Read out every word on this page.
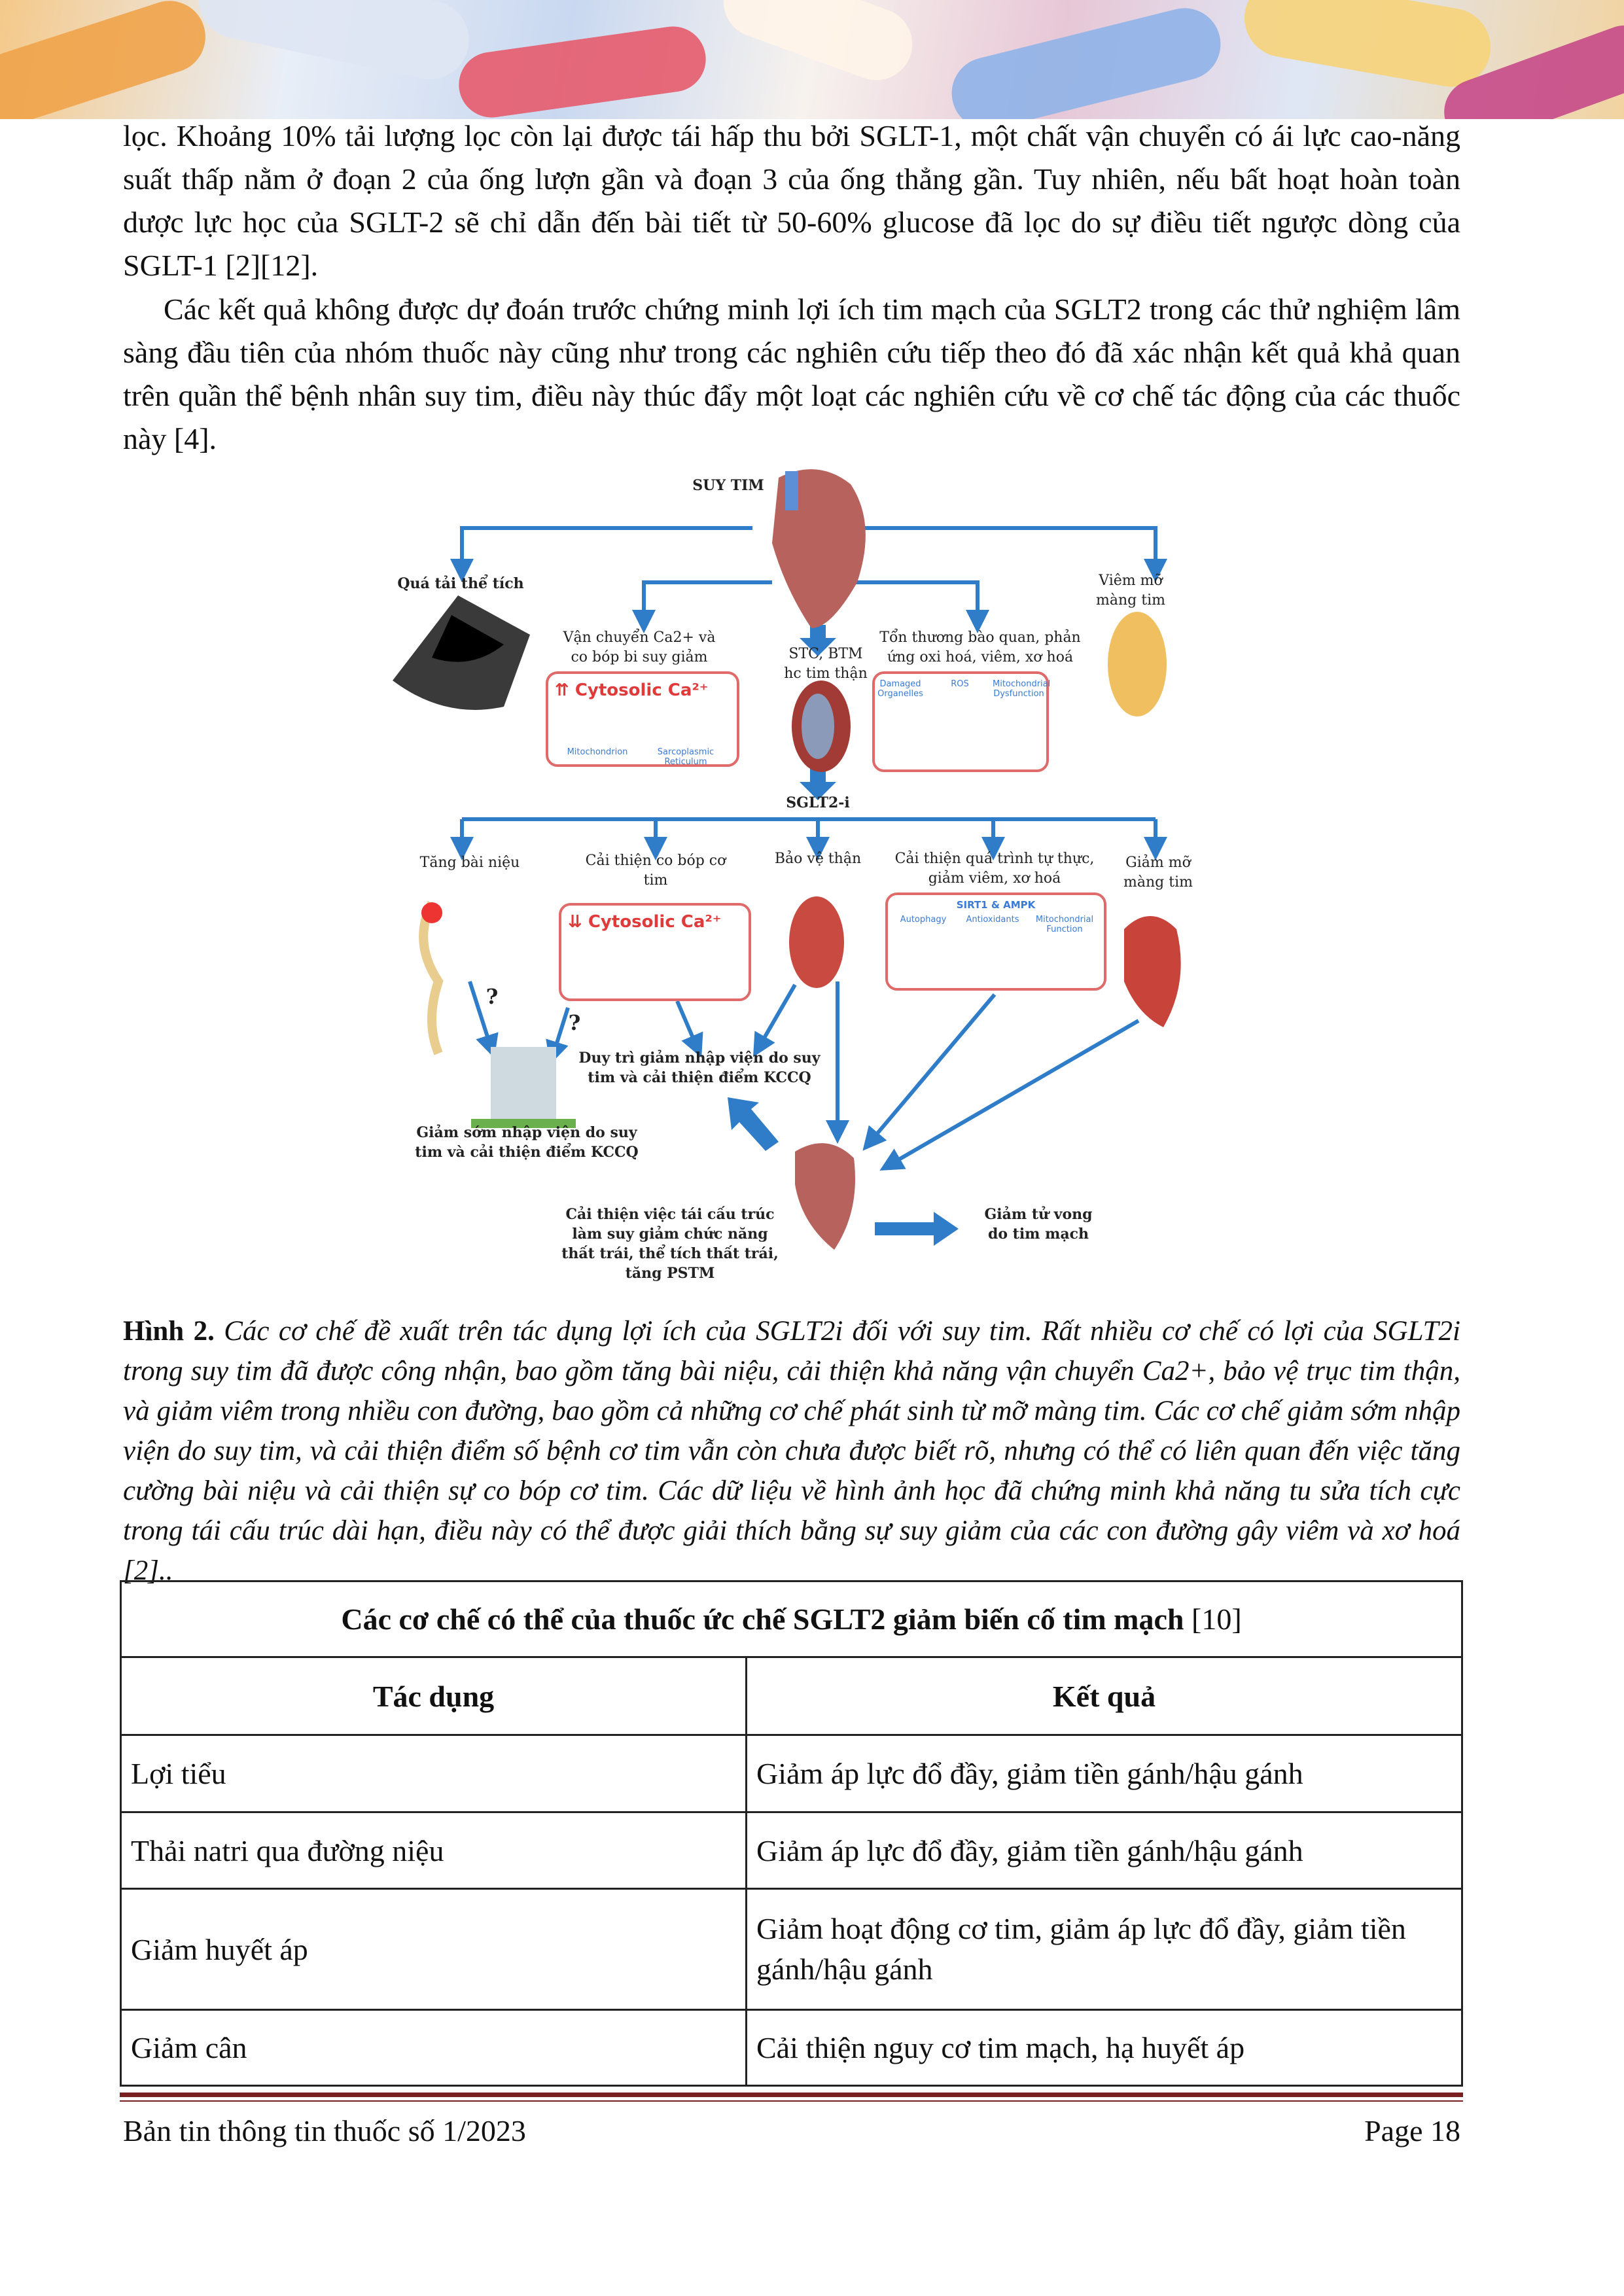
lọc. Khoảng 10% tải lượng lọc còn lại được tái hấp thu bởi SGLT-1, một chất vận chuyển có ái lực cao-năng suất thấp nằm ở đoạn 2 của ống lượn gần và đoạn 3 của ống thẳng gần. Tuy nhiên, nếu bất hoạt hoàn toàn dược lực học của SGLT-2 sẽ chỉ dẫn đến bài tiết từ 50-60% glucose đã lọc do sự điều tiết ngược dòng của SGLT-1 [2][12].
Các kết quả không được dự đoán trước chứng minh lợi ích tim mạch của SGLT2 trong các thử nghiệm lâm sàng đầu tiên của nhóm thuốc này cũng như trong các nghiên cứu tiếp theo đó đã xác nhận kết quả khả quan trên quần thể bệnh nhân suy tim, điều này thúc đẩy một loạt các nghiên cứu về cơ chế tác động của các thuốc này [4].
SUY TIM
Quá tải thể tích	Viêm mỡ
màng tim
Vận chuyển Ca2+ và
co bóp bi suy giảm	STC, BTM
hc tim thận
Tổn thương bào quan, phản
ứng oxi hoá, viêm, xơ hoá
⇈ Cytosolic Ca²⁺
Mitochondrion	Sarcoplasmic Reticulum
Damaged Organelles
ROS	Mitochondrial Dysfunction
SGLT2-i
Tăng bài niệu	Cải thiện co bóp cơ
tim
Bảo vệ thận Cải thiện quá trình tự thực,
giảm viêm, xơ hoá
Giảm mỡ
màng tim
⇊ Cytosolic Ca²⁺
SIRT1 & AMPK
Autophagy	Antioxidants	Mitochondrial Function
?
?
Duy trì giảm nhập viện do suy
tim và cải thiện điểm KCCQ
Giảm sớm nhập viện do suy
tim và cải thiện điểm KCCQ
Cải thiện việc tái cấu trúc
làm suy giảm chức năng
thất trái, thể tích thất trái,
tăng PSTM
Giảm tử vong
do tim mạch
Hình 2. Các cơ chế đề xuất trên tác dụng lợi ích của SGLT2i đối với suy tim. Rất nhiều cơ chế có lợi của SGLT2i trong suy tim đã được công nhận, bao gồm tăng bài niệu, cải thiện khả năng vận chuyển Ca2+, bảo vệ trục tim thận, và giảm viêm trong nhiều con đường, bao gồm cả những cơ chế phát sinh từ mỡ màng tim. Các cơ chế giảm sớm nhập viện do suy tim, và cải thiện điểm số bệnh cơ tim vẫn còn chưa được biết rõ, nhưng có thể có liên quan đến việc tăng cường bài niệu và cải thiện sự co bóp cơ tim. Các dữ liệu về hình ảnh học đã chứng minh khả năng tu sửa tích cực trong tái cấu trúc dài hạn, điều này có thể được giải thích bằng sự suy giảm của các con đường gây viêm và xơ hoá [2]..
Các cơ chế có thể của thuốc ức chế SGLT2 giảm biến cố tim mạch [10]	
Tác dụng	Kết quả
Lợi tiểu	Giảm áp lực đổ đầy, giảm tiền gánh/hậu gánh
Thải natri qua đường niệu	Giảm áp lực đổ đầy, giảm tiền gánh/hậu gánh
Giảm huyết áp	Giảm hoạt động cơ tim, giảm áp lực đổ đầy, giảm tiền gánh/hậu gánh
Giảm cân	Cải thiện nguy cơ tim mạch, hạ huyết áp
Bản tin thông tin thuốc số 1/2023	Page 18
